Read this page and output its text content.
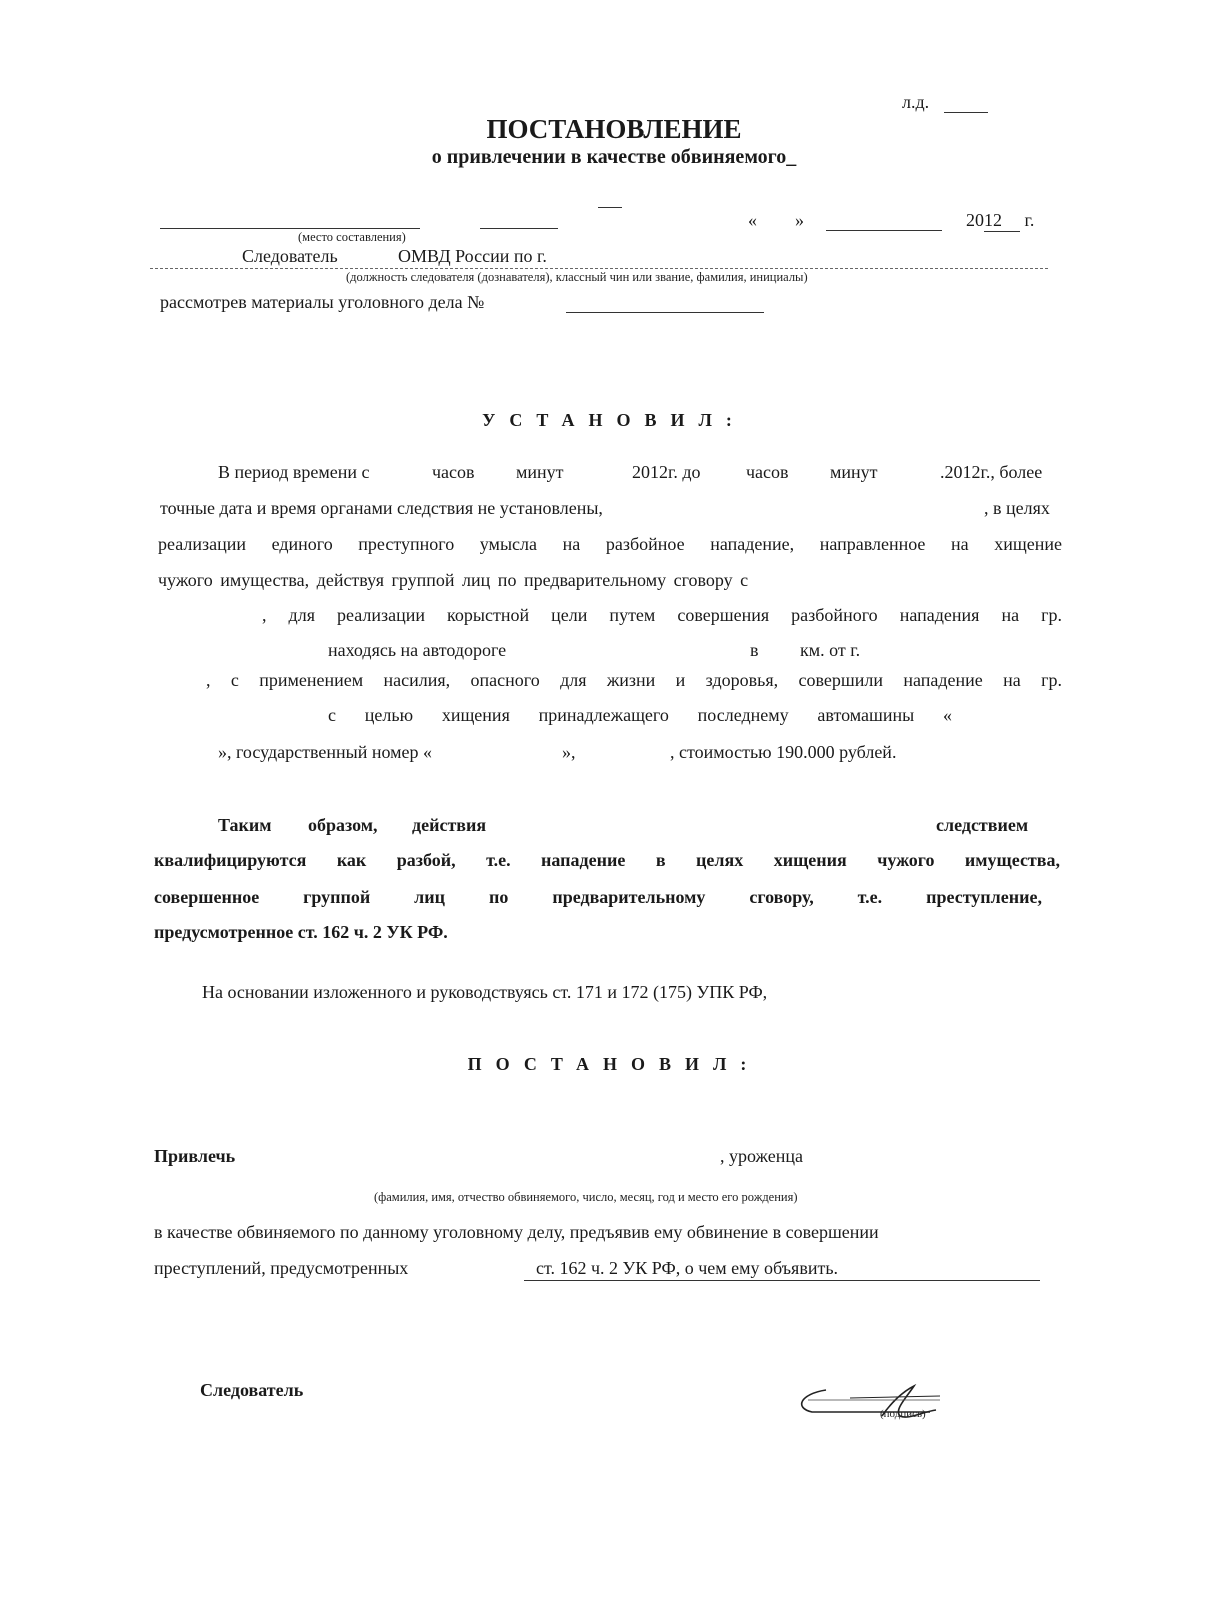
л.д.
ПОСТАНОВЛЕНИЕ
о привлечении в качестве обвиняемого_
« »	2012 г.
(место составления)
Следователь	ОМВД России по г.
(должность следователя (дознавателя), классный чин или звание, фамилия, инициалы)
рассмотрев материалы уголовного дела №
УСТАНОВИЛ:
В период времени с	часов минут	2012г. до	часов минут	.2012г., более
точные дата и время органами следствия не установлены,	, в целях
реализации единого преступного умысла на разбойное нападение, направленное на хищение
чужого имущества, действуя группой лиц по предварительному сговору с
, для реализации корыстной цели путем совершения разбойного нападения на гр.
находясь на автодороге	в км. от г.
, с применением насилия, опасного для жизни и здоровья, совершили нападение на гр.
с целью хищения принадлежащего последнему автомашины «
», государственный номер «	»,	, стоимостью 190.000 рублей.
Таким образом, действия	следствием
квалифицируются как разбой, т.е. нападение в целях хищения чужого имущества,
совершенное группой лиц по предварительному сговору, т.е. преступление,
предусмотренное ст. 162 ч. 2 УК РФ.
На основании изложенного и руководствуясь ст. 171 и 172 (175) УПК РФ,
ПОСТАНОВИЛ:
Привлечь	, уроженца
(фамилия, имя, отчество обвиняемого, число, месяц, год и место его рождения)
в качестве обвиняемого по данному уголовному делу, предъявив ему обвинение в совершении
преступлений, предусмотренных	ст. 162 ч. 2 УК РФ, о чем ему объявить.
Следователь
(подпись)
